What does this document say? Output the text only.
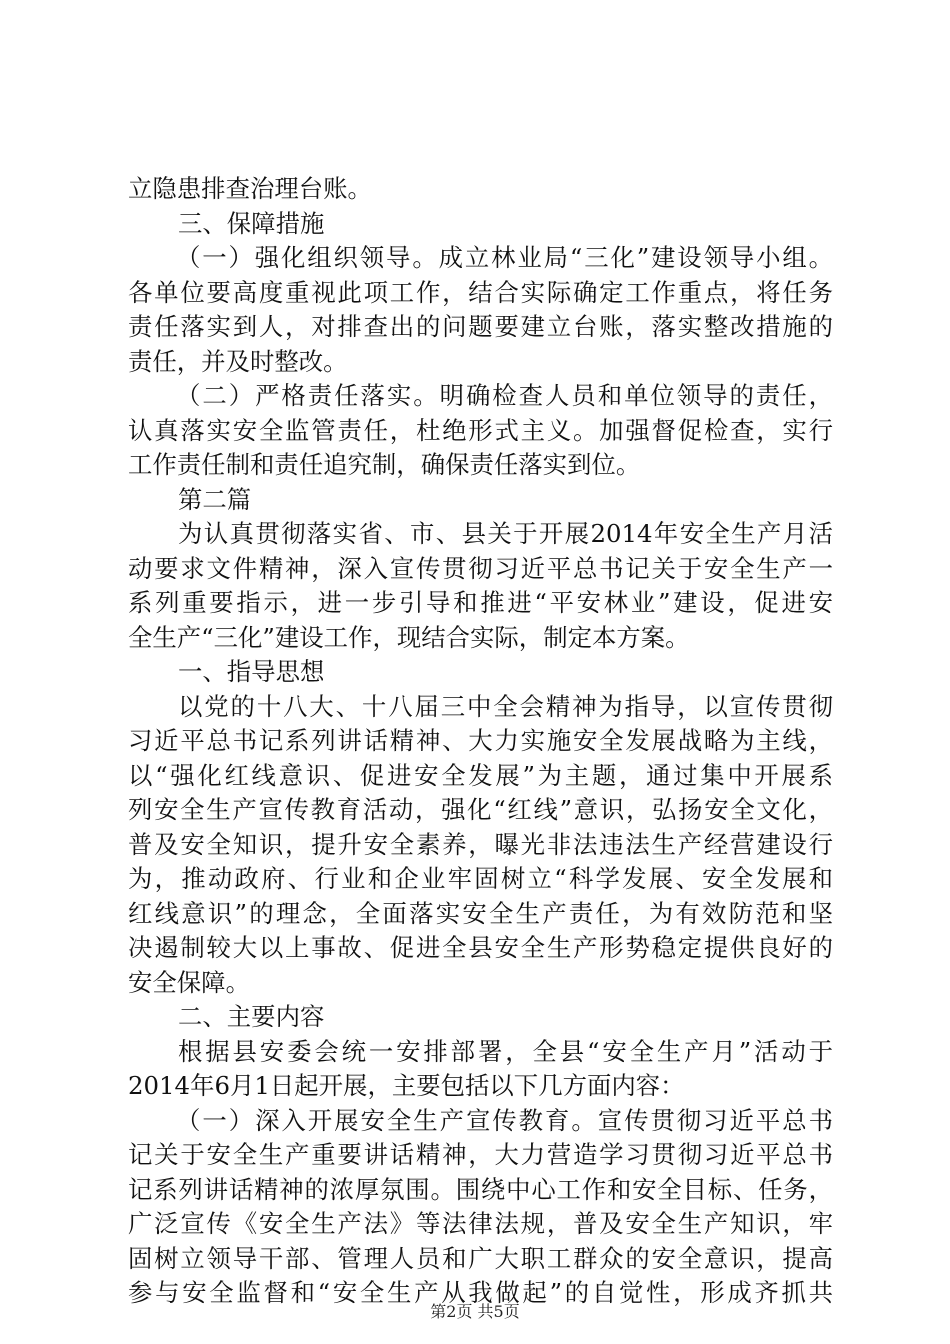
立隐患排查治理台账。
三、保障措施
（一）强化组织领导。成立林业局“三化”建设领导小组。
各单位要高度重视此项工作，结合实际确定工作重点，将任务
责任落实到人，对排查出的问题要建立台账，落实整改措施的
责任，并及时整改。
（二）严格责任落实。明确检查人员和单位领导的责任，
认真落实安全监管责任，杜绝形式主义。加强督促检查，实行
工作责任制和责任追究制，确保责任落实到位。
第二篇
为认真贯彻落实省、市、县关于开展2014年安全生产月活
动要求文件精神，深入宣传贯彻习近平总书记关于安全生产一
系列重要指示，进一步引导和推进“平安林业”建设，促进安
全生产“三化”建设工作，现结合实际，制定本方案。
一、指导思想
以党的十八大、十八届三中全会精神为指导，以宣传贯彻
习近平总书记系列讲话精神、大力实施安全发展战略为主线，
以“强化红线意识、促进安全发展”为主题，通过集中开展系
列安全生产宣传教育活动，强化“红线”意识，弘扬安全文化，
普及安全知识，提升安全素养，曝光非法违法生产经营建设行
为，推动政府、行业和企业牢固树立“科学发展、安全发展和
红线意识”的理念，全面落实安全生产责任，为有效防范和坚
决遏制较大以上事故、促进全县安全生产形势稳定提供良好的
安全保障。
二、主要内容
根据县安委会统一安排部署，全县“安全生产月”活动于
2014年6月1日起开展，主要包括以下几方面内容：
（一）深入开展安全生产宣传教育。宣传贯彻习近平总书
记关于安全生产重要讲话精神，大力营造学习贯彻习近平总书
记系列讲话精神的浓厚氛围。围绕中心工作和安全目标、任务，
广泛宣传《安全生产法》等法律法规，普及安全生产知识，牢
固树立领导干部、管理人员和广大职工群众的安全意识，提高
参与安全监督和“安全生产从我做起”的自觉性，形成齐抓共
第2页 共5页
